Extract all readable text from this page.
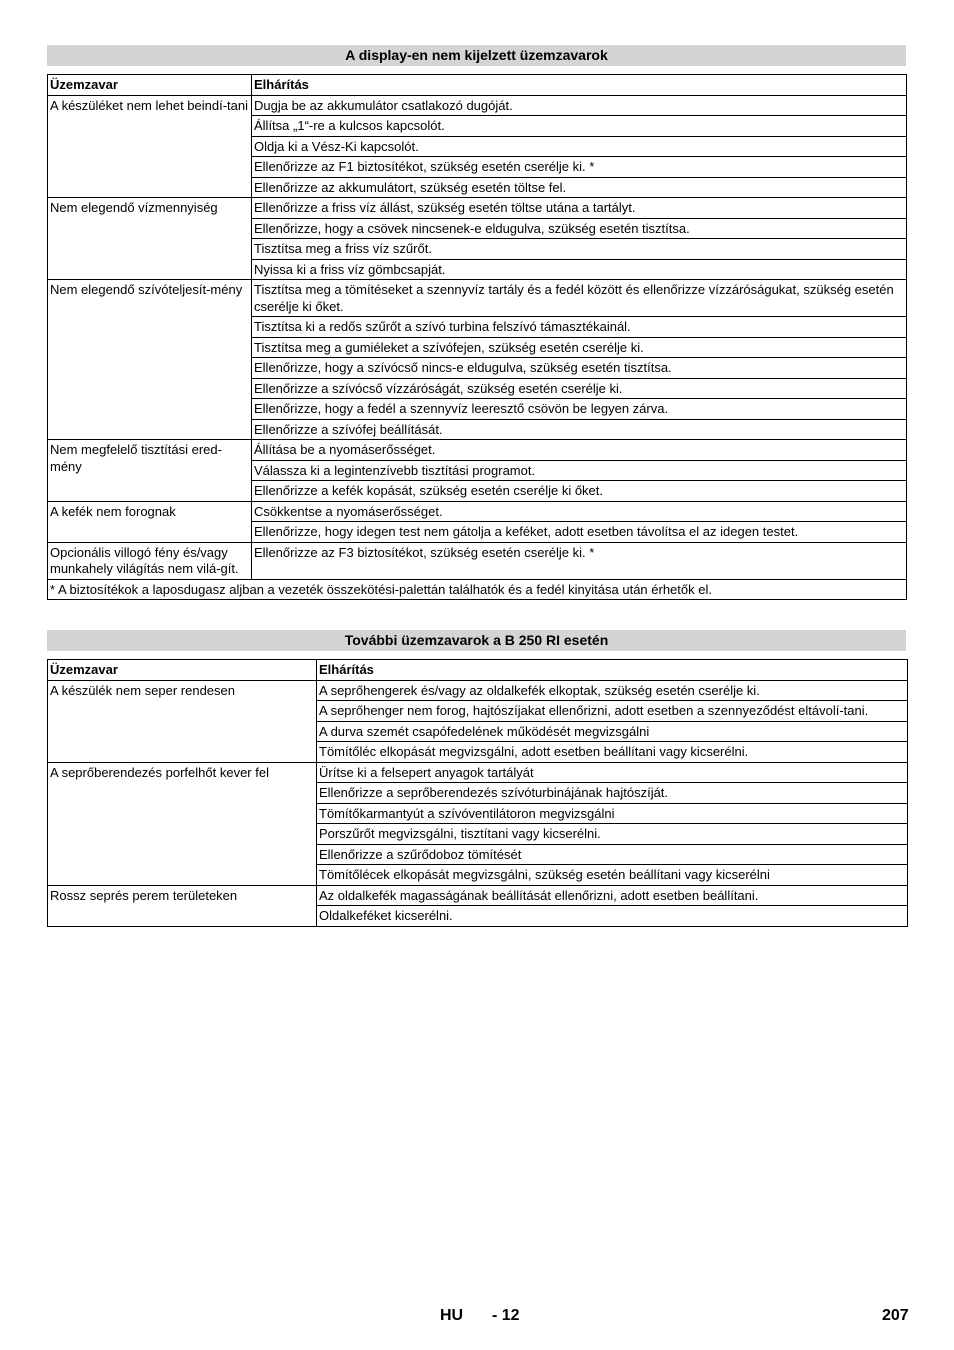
A display-en nem kijelzett üzemzavarok
Üzemzavar	Elhárítás
A készüléket nem lehet beindí-tani	Dugja be az akkumulátor csatlakozó dugóját.
	Állítsa „1“-re a kulcsos kapcsolót.
	Oldja ki a Vész-Ki kapcsolót.
	Ellenőrizze az F1 biztosítékot, szükség esetén cserélje ki. *
	Ellenőrizze az akkumulátort, szükség esetén töltse fel.
Nem elegendő vízmennyiség	Ellenőrizze a friss víz állást, szükség esetén töltse utána a tartályt.
	Ellenőrizze, hogy a csövek nincsenek-e eldugulva, szükség esetén tisztítsa.
	Tisztítsa meg a friss víz szűrőt.
	Nyissa ki a friss víz gömbcsapját.
Nem elegendő szívóteljesít-mény	Tisztítsa meg a tömítéseket a szennyvíz tartály és a fedél között és ellenőrizze vízzáróságukat, szükség esetén cserélje ki őket.
	Tisztítsa ki a redős szűrőt a szívó turbina felszívó támasztékainál.
	Tisztítsa meg a gumiéleket a szívófejen, szükség esetén cserélje ki.
	Ellenőrizze, hogy a szívócső nincs-e eldugulva, szükség esetén tisztítsa.
	Ellenőrizze a szívócső vízzáróságát, szükség esetén cserélje ki.
	Ellenőrizze, hogy a fedél a szennyvíz leeresztő csövön be legyen zárva.
	Ellenőrizze a szívófej beállítását.
Nem megfelelő tisztítási ered-mény	Állítása be a nyomáserősséget.
	Válassza ki a legintenzívebb tisztítási programot.
	Ellenőrizze a kefék kopását, szükség esetén cserélje ki őket.
A kefék nem forognak	Csökkentse a nyomáserősséget.
	Ellenőrizze, hogy idegen test nem gátolja a keféket, adott esetben távolítsa el az idegen testet.
Opcionális villogó fény és/vagy munkahely világítás nem vilá-gít.	Ellenőrizze az F3 biztosítékot, szükség esetén cserélje ki. *
* A biztosítékok a laposdugasz aljban a vezeték összekötési-palettán találhatók és a fedél kinyitása után érhetők el.	
További üzemzavarok a B 250 RI esetén
Üzemzavar	Elhárítás
A készülék nem seper rendesen	A seprőhengerek és/vagy az oldalkefék elkoptak, szükség esetén cserélje ki.
	A seprőhenger nem forog, hajtószíjakat ellenőrizni, adott esetben a szennyeződést eltávolí-tani.
	A durva szemét csapófedelének működését megvizsgálni
	Tömítőléc elkopását megvizsgálni, adott esetben beállítani vagy kicserélni.
A seprőberendezés porfelhőt kever fel	Ürítse ki a felsepert anyagok tartályát
	Ellenőrizze a seprőberendezés szívóturbinájának hajtószíját.
	Tömítőkarmantyút a szívóventilátoron megvizsgálni
	Porszűrőt megvizsgálni, tisztítani vagy kicserélni.
	Ellenőrizze a szűrődoboz tömítését
	Tömítőlécek elkopását megvizsgálni, szükség esetén beállítani vagy kicserélni
Rossz seprés perem területeken	Az oldalkefék magasságának beállítását ellenőrizni, adott esetben beállítani.
	Oldalkeféket kicserélni.
HU - 12	207
